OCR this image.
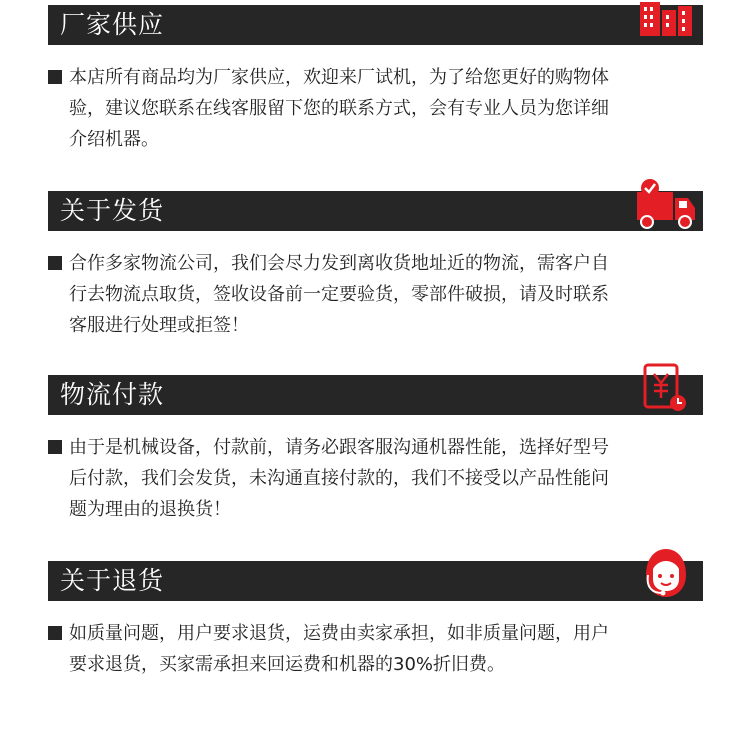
厂家供应
本店所有商品均为厂家供应，欢迎来厂试机，为了给您更好的购物体
验，建议您联系在线客服留下您的联系方式，会有专业人员为您详细
介绍机器。
关于发货
合作多家物流公司，我们会尽力发到离收货地址近的物流，需客户自
行去物流点取货，签收设备前一定要验货，零部件破损，请及时联系
客服进行处理或拒签！
物流付款
由于是机械设备，付款前，请务必跟客服沟通机器性能，选择好型号
后付款，我们会发货，未沟通直接付款的，我们不接受以产品性能问
题为理由的退换货！
关于退货
如质量问题，用户要求退货，运费由卖家承担，如非质量问题，用户
要求退货，买家需承担来回运费和机器的30%折旧费。
